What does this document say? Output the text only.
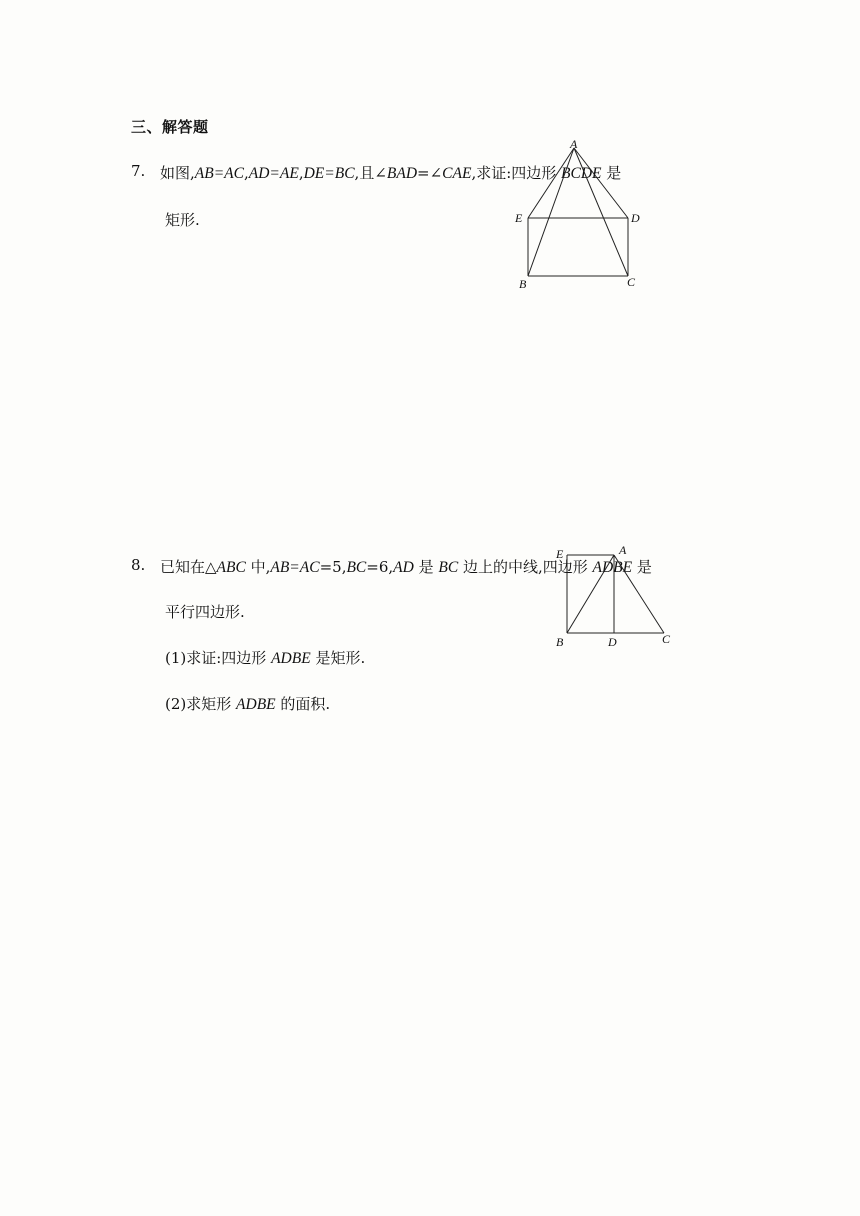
三、解答题
7. 如图,AB=AC,AD=AE,DE=BC,且∠BAD=∠CAE,求证:四边形 BCDE 是
矩形.
A
E	D
B	C
8. 已知在△ABC 中,AB=AC=5,BC=6,AD 是 BC 边上的中线,四边形 ADBE 是
平行四边形.
(1)求证:四边形 ADBE 是矩形.
(2)求矩形 ADBE 的面积.
E	A
B	D	C
